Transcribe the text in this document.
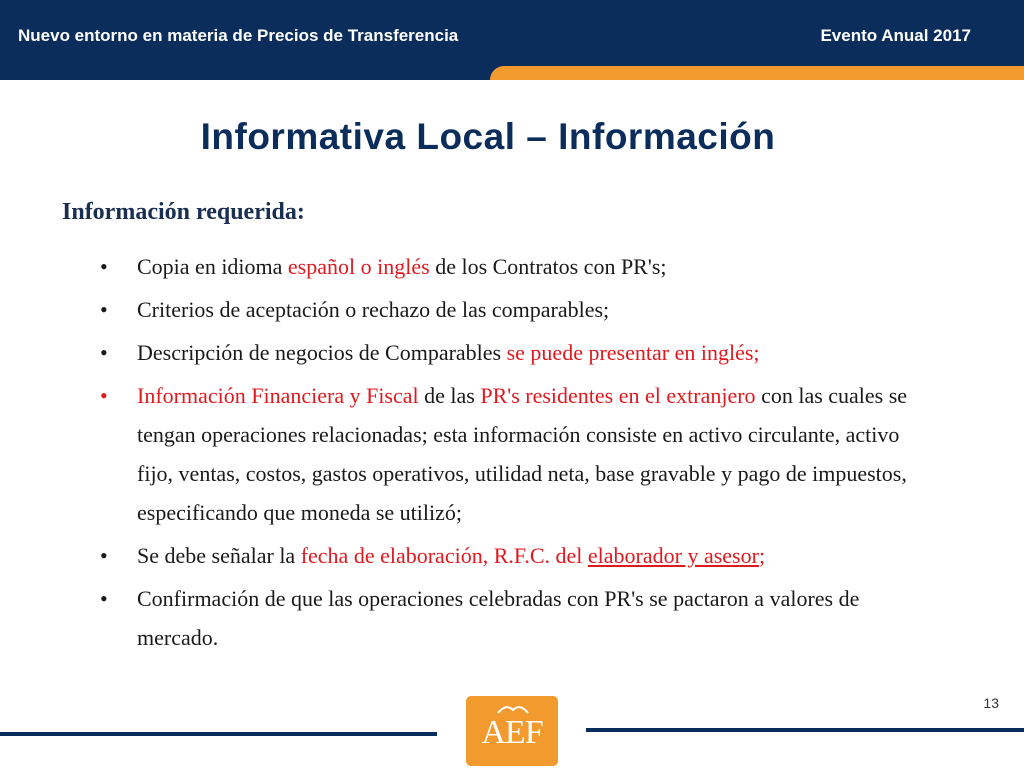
Nuevo entorno en materia de Precios de Transferencia	Evento Anual 2017
Informativa Local – Información
Información requerida:
• Copia en idioma español o inglés de los Contratos con PR's;
• Criterios de aceptación o rechazo de las comparables;
• Descripción de negocios de Comparables se puede presentar en inglés;
• Información Financiera y Fiscal de las PR's residentes en el extranjero con las cuales se tengan operaciones relacionadas; esta información consiste en activo circulante, activo fijo, ventas, costos, gastos operativos, utilidad neta, base gravable y pago de impuestos, especificando que moneda se utilizó;
• Se debe señalar la fecha de elaboración, R.F.C. del elaborador y asesor;
• Confirmación de que las operaciones celebradas con PR's se pactaron a valores de mercado.
13
AEF
